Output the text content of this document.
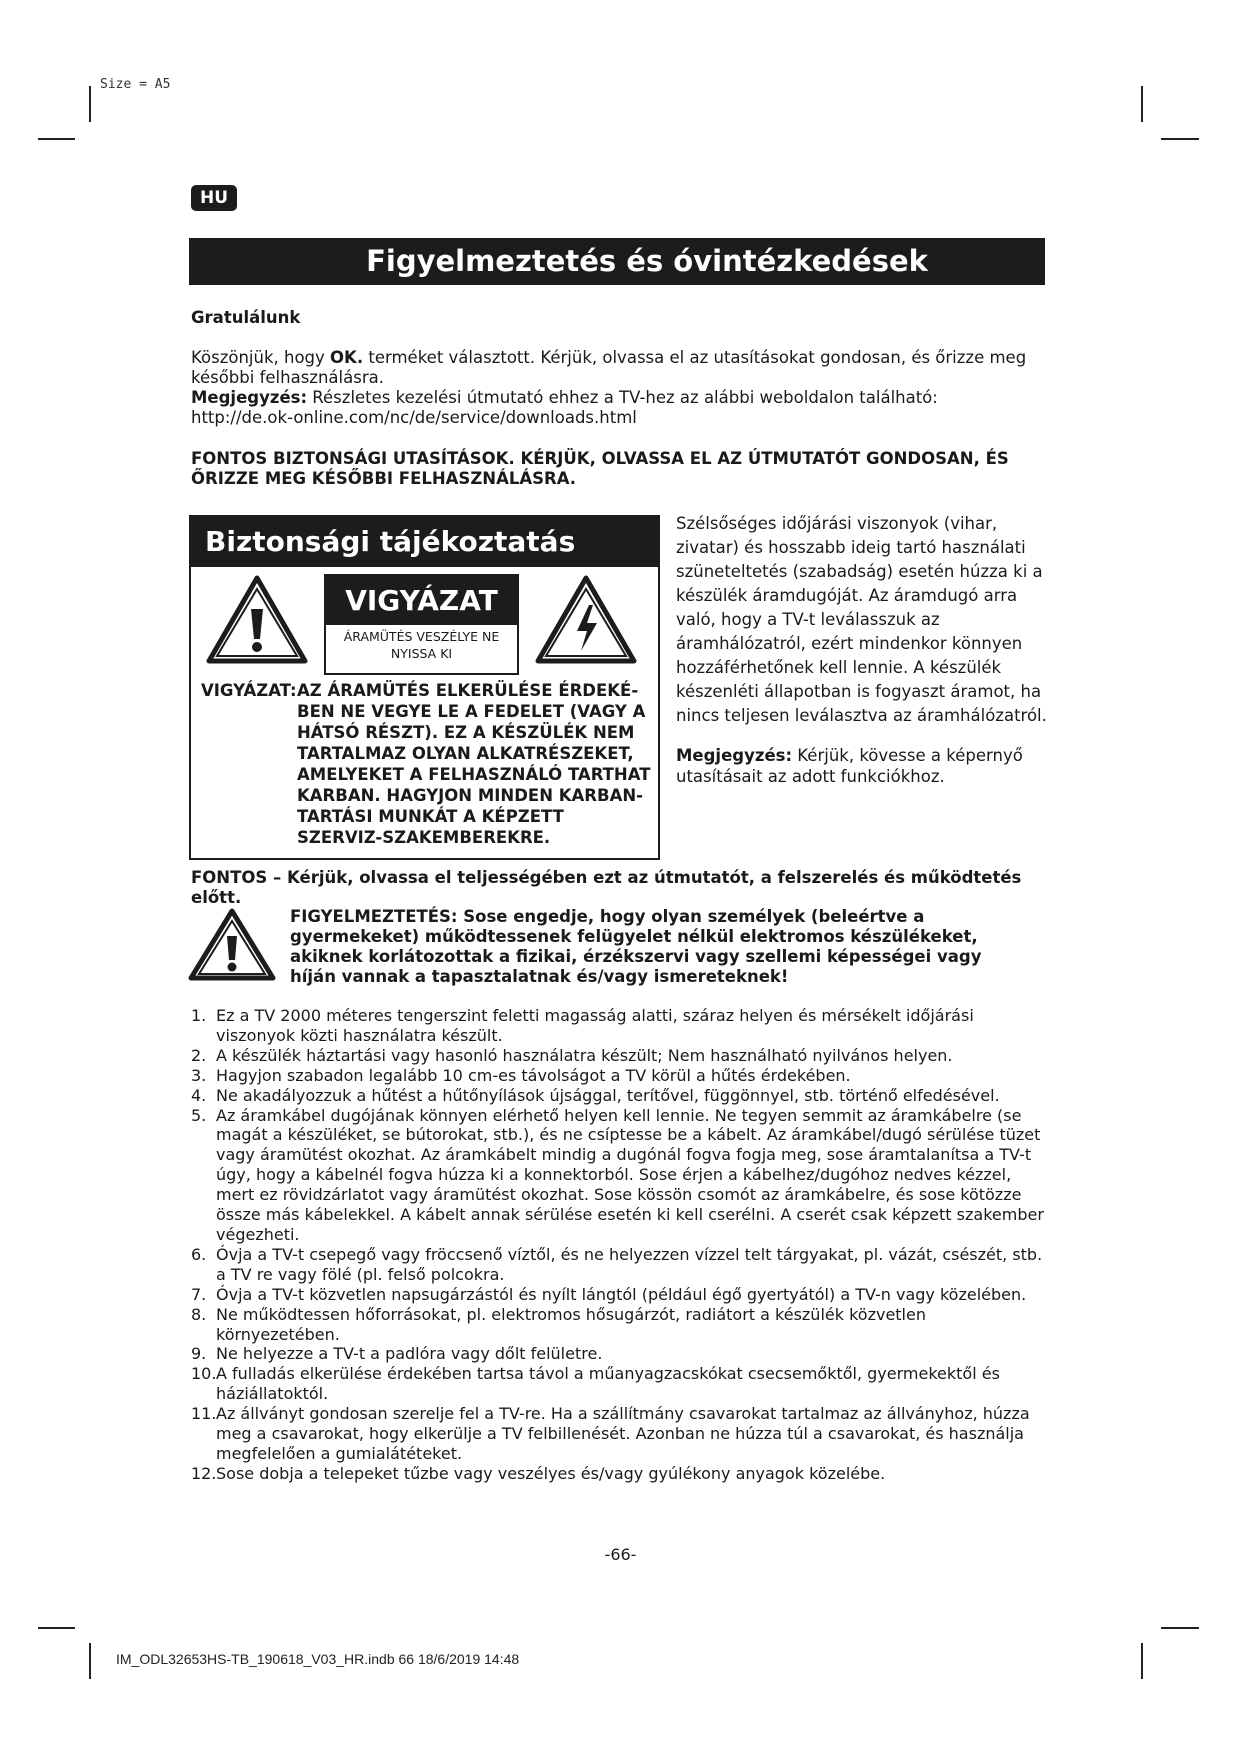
Size = A5
HU
Figyelmeztetés és óvintézkedések
Gratulálunk
Köszönjük, hogy OK. terméket választott. Kérjük, olvassa el az utasításokat gondosan, és őrizze meg későbbi felhasználásra.
Megjegyzés: Részletes kezelési útmutató ehhez a TV-hez az alábbi weboldalon található:
http://de.ok-online.com/nc/de/service/downloads.html
FONTOS BIZTONSÁGI UTASÍTÁSOK. KÉRJÜK, OLVASSA EL AZ ÚTMUTATÓT GONDOSAN, ÉS ŐRIZZE MEG KÉSŐBBI FELHASZNÁLÁSRA.
Biztonsági tájékoztatás
VIGYÁZAT
ÁRAMÜTÉS VESZÉLYE NE NYISSA KI
VIGYÁZAT: AZ ÁRAMÜTÉS ELKERÜLÉSE ÉRDEKÉ-BEN NE VEGYE LE A FEDELET (VAGY A HÁTSÓ RÉSZT). EZ A KÉSZÜLÉK NEM TARTALMAZ OLYAN ALKATRÉSZEKET, AMELYEKET A FELHASZNÁLÓ TARTHAT KARBAN. HAGYJON MINDEN KARBAN-TARTÁSI MUNKÁT A KÉPZETT SZERVIZ-SZAKEMBEREKRE.
Szélsőséges időjárási viszonyok (vihar, zivatar) és hosszabb ideig tartó használati szüneteltetés (szabadság) esetén húzza ki a készülék áramdugóját. Az áramdugó arra való, hogy a TV-t leválasszuk az áramhálózatról, ezért mindenkor könnyen hozzáférhetőnek kell lennie. A készülék készenléti állapotban is fogyaszt áramot, ha nincs teljesen leválasztva az áramhálózatról.
Megjegyzés: Kérjük, kövesse a képernyő utasításait az adott funkciókhoz.
FONTOS – Kérjük, olvassa el teljességében ezt az útmutatót, a felszerelés és működtetés előtt.
FIGYELMEZTETÉS: Sose engedje, hogy olyan személyek (beleértve a gyermekeket) működtessenek felügyelet nélkül elektromos készülékeket, akiknek korlátozottak a fizikai, érzékszervi vagy szellemi képességei vagy híján vannak a tapasztalatnak és/vagy ismereteknek!
1. Ez a TV 2000 méteres tengerszint feletti magasság alatti, száraz helyen és mérsékelt időjárási viszonyok közti használatra készült.
2. A készülék háztartási vagy hasonló használatra készült; Nem használható nyilvános helyen.
3. Hagyjon szabadon legalább 10 cm-es távolságot a TV körül a hűtés érdekében.
4. Ne akadályozzuk a hűtést a hűtőnyílások újsággal, terítővel, függönnyel, stb. történő elfedésével.
5. Az áramkábel dugójának könnyen elérhető helyen kell lennie. Ne tegyen semmit az áramkábelre (se magát a készüléket, se bútorokat, stb.), és ne csíptesse be a kábelt. Az áramkábel/dugó sérülése tüzet vagy áramütést okozhat. Az áramkábelt mindig a dugónál fogva fogja meg, sose áramtalanítsa a TV-t úgy, hogy a kábelnél fogva húzza ki a konnektorból. Sose érjen a kábelhez/dugóhoz nedves kézzel, mert ez rövidzárlatot vagy áramütést okozhat. Sose kössön csomót az áramkábelre, és sose kötözze össze más kábelekkel. A kábelt annak sérülése esetén ki kell cserélni. A cserét csak képzett szakember végezheti.
6. Óvja a TV-t csepegő vagy fröccsenő víztől, és ne helyezzen vízzel telt tárgyakat, pl. vázát, csészét, stb. a TV re vagy fölé (pl. felső polcokra.
7. Óvja a TV-t közvetlen napsugárzástól és nyílt lángtól (például égő gyertyától) a TV-n vagy közelében.
8. Ne működtessen hőforrásokat, pl. elektromos hősugárzót, radiátort a készülék közvetlen környezetében.
9. Ne helyezze a TV-t a padlóra vagy dőlt felületre.
10. A fulladás elkerülése érdekében tartsa távol a műanyagzacskókat csecsemőktől, gyermekektől és háziállatoktól.
11. Az állványt gondosan szerelje fel a TV-re. Ha a szállítmány csavarokat tartalmaz az állványhoz, húzza meg a csavarokat, hogy elkerülje a TV felbillenését. Azonban ne húzza túl a csavarokat, és használja megfelelően a gumialátéteket.
12. Sose dobja a telepeket tűzbe vagy veszélyes és/vagy gyúlékony anyagok közelébe.
-66-
IM_ODL32653HS-TB_190618_V03_HR.indb 66 18/6/2019 14:48
